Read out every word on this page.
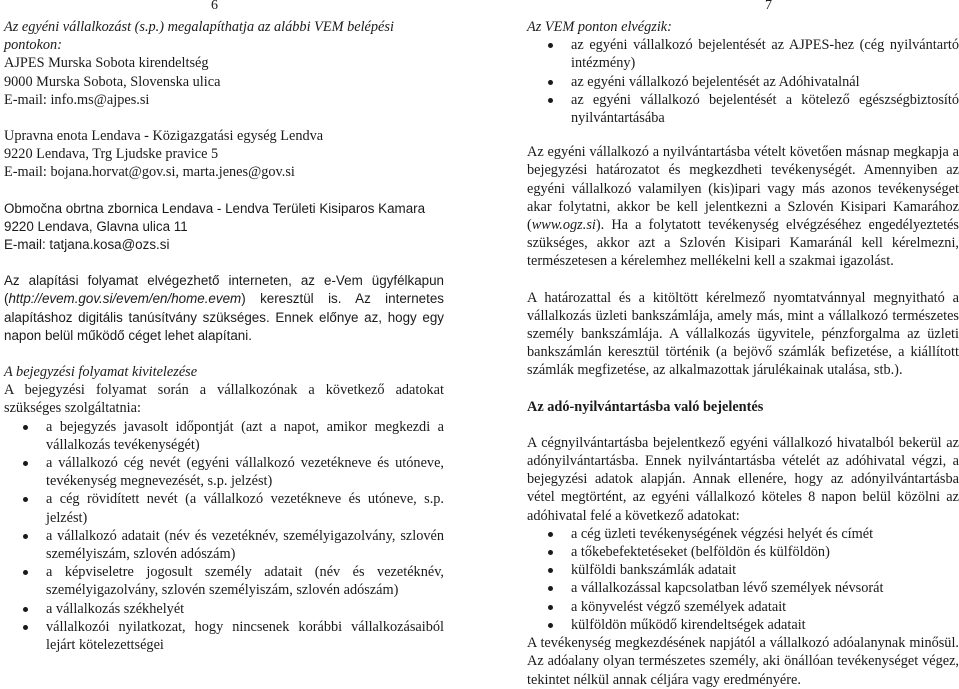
6

Az egyéni vállalkozást (s.p.) megalapíthatja az alábbi VEM belépési pontokon:

AJPES Murska Sobota kirendeltség

9000 Murska Sobota, Slovenska ulica

E-mail: info.ms@ajpes.si

Upravna enota Lendava - Közigazgatási egység Lendva

9220 Lendava, Trg Ljudske pravice 5

E-mail: bojana.horvat@gov.si, marta.jenes@gov.si

Območna obrtna zbornica Lendava - Lendva Területi Kisiparos Kamara

9220 Lendava, Glavna ulica 11

E-mail: tatjana.kosa@ozs.si

Az alapítási folyamat elvégezhető interneten, az e-Vem ügyfélkapun (http://evem.gov.si/evem/en/home.evem) keresztül is. Az internetes alapításhoz digitális tanúsítvány szükséges. Ennek előnye az, hogy egy napon belül működő céget lehet alapítani.

A bejegyzési folyamat kivitelezése

A bejegyzési folyamat során a vállalkozónak a következő adatokat szükséges szolgáltatnia:

a bejegyzés javasolt időpontját (azt a napot, amikor megkezdi a vállalkozás tevékenységét)
a vállalkozó cég nevét (egyéni vállalkozó vezetékneve és utóneve, tevékenység megnevezését, s.p. jelzést)
a cég rövidített nevét (a vállalkozó vezetékneve és utóneve, s.p. jelzést)
a vállalkozó adatait (név és vezetéknév, személyigazolvány, szlovén személyiszám, szlovén adószám)
a képviseletre jogosult személy adatait (név és vezetéknév, személyigazolvány, szlovén személyiszám, szlovén adószám)
a vállalkozás székhelyét
vállalkozói nyilatkozat, hogy nincsenek korábbi vállalkozásaiból lejárt kötelezettségei
7

Az VEM ponton elvégzik:

az egyéni vállalkozó bejelentését az AJPES-hez (cég nyilvántartó intézmény)
az egyéni vállalkozó bejelentését az Adóhivatalnál
az egyéni vállalkozó bejelentését a kötelező egészségbiztosító nyilvántartásába

Az egyéni vállalkozó a nyilvántartásba vételt követően másnap megkapja a bejegyzési határozatot és megkezdheti tevékenységét. Amennyiben az egyéni vállalkozó valamilyen (kis)ipari vagy más azonos tevékenységet akar folytatni, akkor be kell jelentkezni a Szlovén Kisipari Kamarához (www.ogz.si). Ha a folytatott tevékenység elvégzéséhez engedélyeztetés szükséges, akkor azt a Szlovén Kisipari Kamaránál kell kérelmezni, természetesen a kérelemhez mellékelni kell a szakmai igazolást.

A határozattal és a kitöltött kérelmező nyomtatvánnyal megnyitható a vállalkozás üzleti bankszámlája, amely más, mint a vállalkozó természetes személy bankszámlája. A vállalkozás ügyvitele, pénzforgalma az üzleti bankszámlán keresztül történik (a bejövő számlák befizetése, a kiállított számlák megfizetése, az alkalmazottak járulékainak utalása, stb.).

Az adó-nyilvántartásba való bejelentés

A cégnyilvántartásba bejelentkező egyéni vállalkozó hivatalból bekerül az adónyilvántartásba. Ennek nyilvántartásba vételét az adóhivatal végzi, a bejegyzési adatok alapján. Annak ellenére, hogy az adónyilvántartásba vétel megtörtént, az egyéni vállalkozó köteles 8 napon belül közölni az adóhivatal felé a következő adatokat:

a cég üzleti tevékenységének végzési helyét és címét
a tőkebefektetéseket (belföldön és külföldön)
külföldi bankszámlák adatait
a vállalkozással kapcsolatban lévő személyek névsorát
a könyvelést végző személyek adatait
külföldön működő kirendeltségek adatait

A tevékenység megkezdésének napjától a vállalkozó adóalanynak minősül. Az adóalany olyan természetes személy, aki önállóan tevékenységet végez, tekintet nélkül annak céljára vagy eredményére.
